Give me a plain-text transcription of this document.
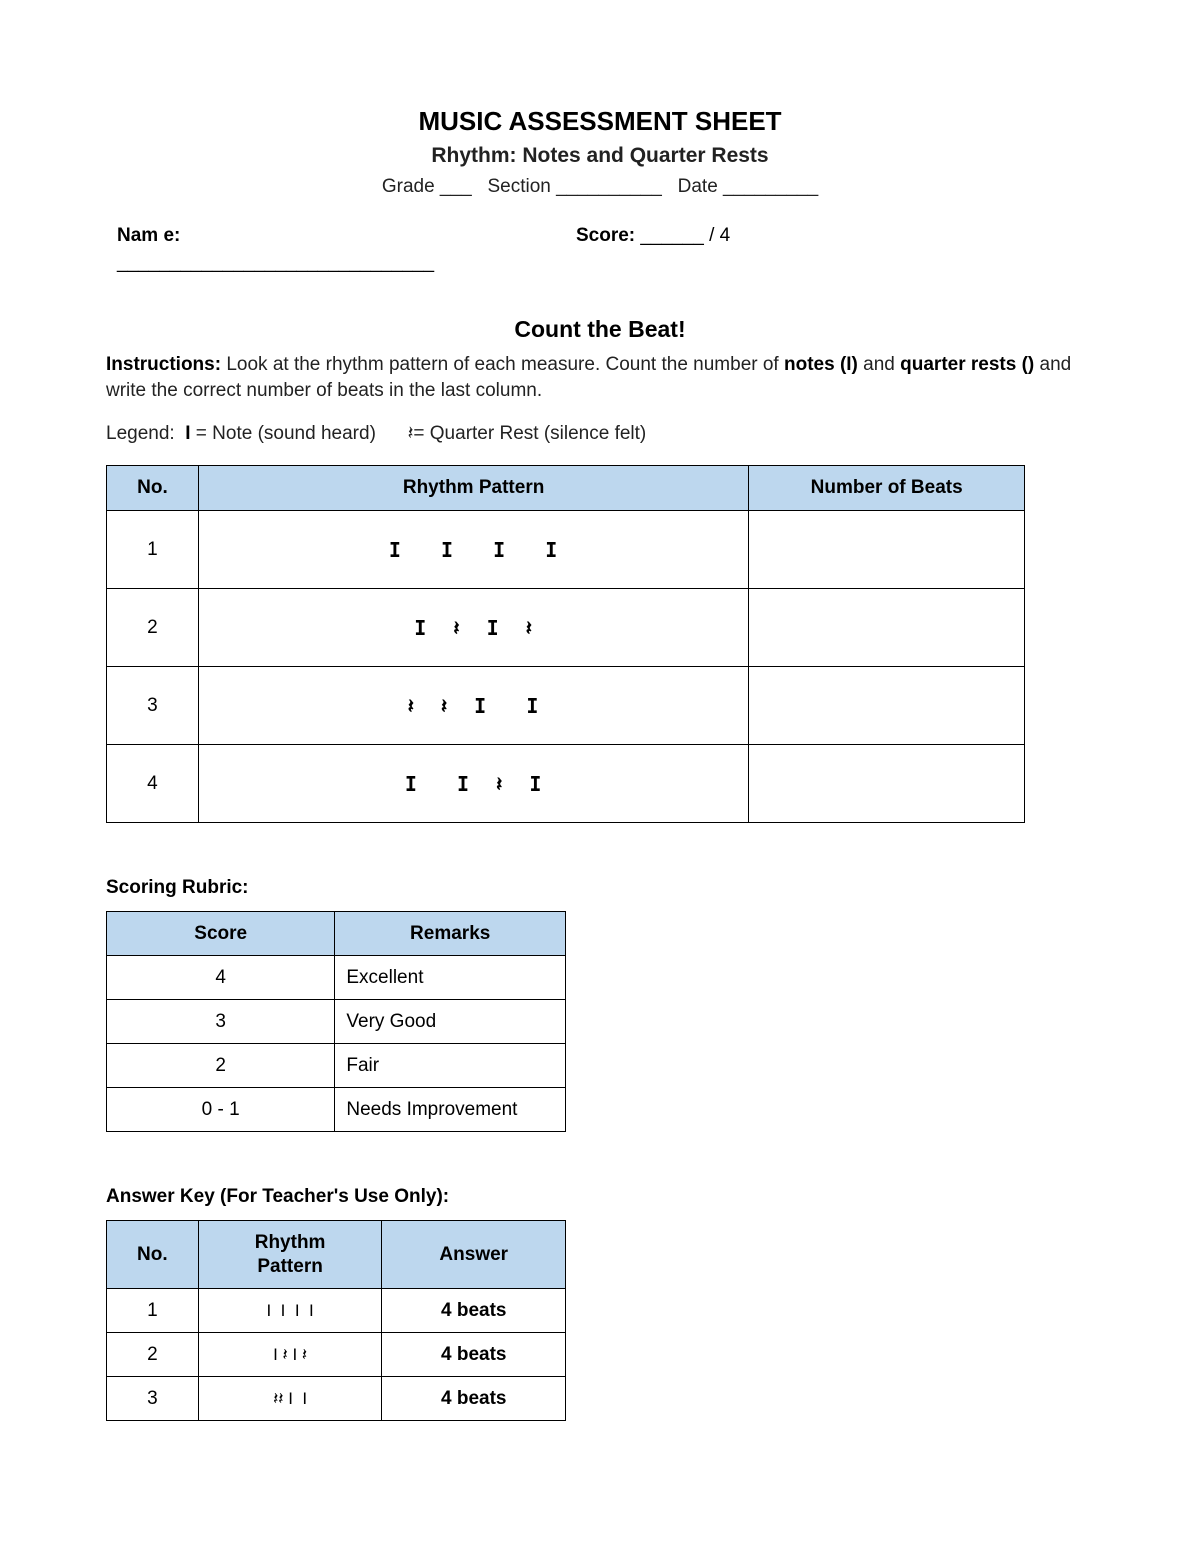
MUSIC ASSESSMENT SHEET
Rhythm: Notes and Quarter Rests
Grade ___   Section __________   Date _________
Nam e:
______________________________
Score: ______ / 4
Count the Beat!
Instructions: Look at the rhythm pattern of each measure. Count the number of notes (I) and quarter rests () and write the correct number of beats in the last column.
Legend:  I = Note (sound heard)      𝄽= Quarter Rest (silence felt)
No.	Rhythm Pattern	Number of Beats
1	I   I   I   I	
2	I  𝄽  I  𝄽	
3	𝄽  𝄽  I   I	
4	I   I  𝄽  I	
Scoring Rubric:
Score	Remarks
4	Excellent
3	Very Good
2	Fair
0 - 1	Needs Improvement
Answer Key (For Teacher's Use Only):
No.	Rhythm Pattern	Answer
1	I  I  I  I	4 beats
2	I 𝄽 I 𝄽	4 beats
3	𝄽𝄽 I  I	4 beats
